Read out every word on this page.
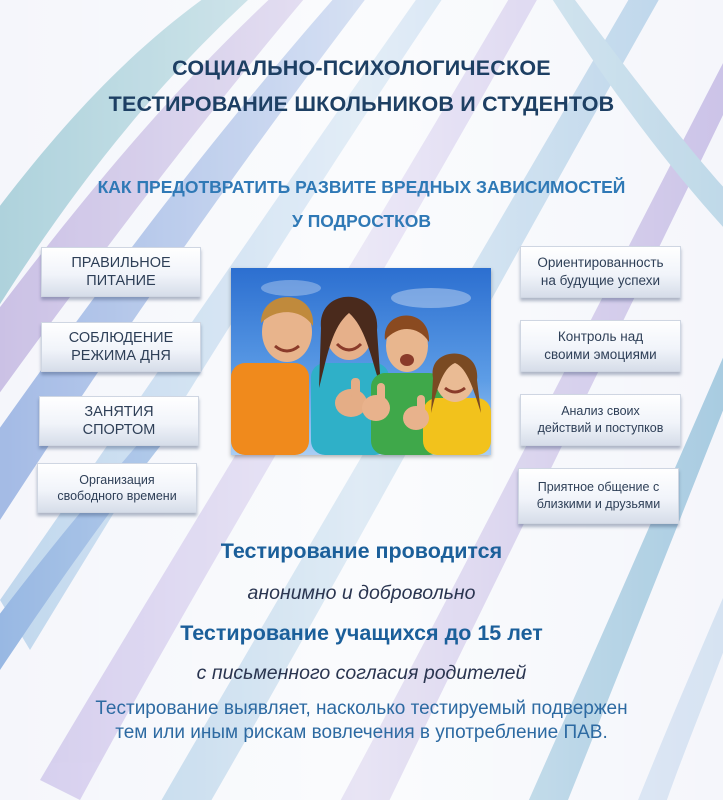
СОЦИАЛЬНО-ПСИХОЛОГИЧЕСКОЕ
ТЕСТИРОВАНИЕ ШКОЛЬНИКОВ И СТУДЕНТОВ
КАК ПРЕДОТВРАТИТЬ РАЗВИТЕ ВРЕДНЫХ ЗАВИСИМОСТЕЙ
У ПОДРОСТКОВ
ПРАВИЛЬНОЕ
ПИТАНИЕ
СОБЛЮДЕНИЕ
РЕЖИМА ДНЯ
ЗАНЯТИЯ
СПОРТОМ
Организация
свободного времени
Ориентированность
на будущие успехи
Контроль над
своими эмоциями
Анализ своих
действий и поступков
Приятное общение с
близкими и друзьями
Тестирование проводится
анонимно и добровольно
Тестирование учащихся до 15 лет
с письменного согласия родителей
Тестирование выявляет, насколько тестируемый подвержен
тем или иным рискам вовлечения в употребление ПАВ.
